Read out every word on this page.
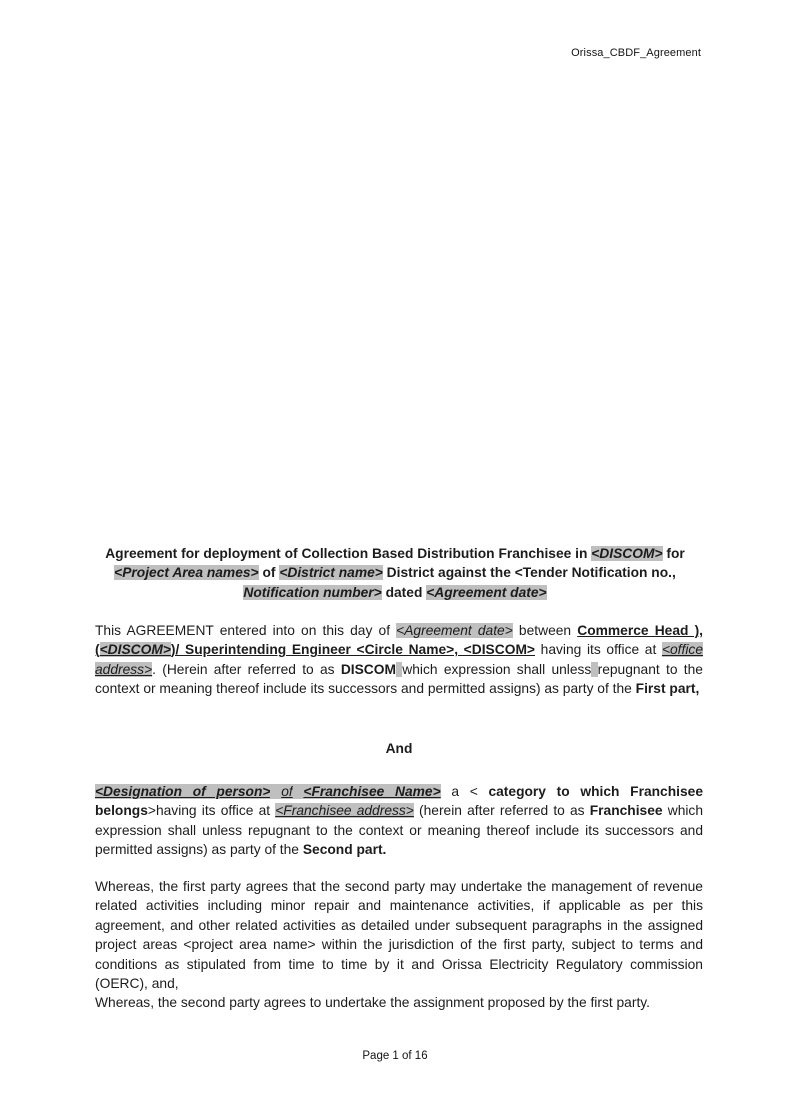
Orissa_CBDF_Agreement
Agreement for deployment of Collection Based Distribution Franchisee in <DISCOM> for <Project Area names> of <District name> District against the <Tender Notification no., Notification number> dated <Agreement date>
This AGREEMENT entered into on this day of <Agreement date> between Commerce Head ), (<DISCOM>)/ Superintending Engineer <Circle Name>, <DISCOM> having its office at <office address>. (Herein after referred to as DISCOM which expression shall unless repugnant to the context or meaning thereof include its successors and permitted assigns) as party of the First part,
And
<Designation of person> of <Franchisee Name> a < category to which Franchisee belongs>having its office at <Franchisee address> (herein after referred to as Franchisee which expression shall unless repugnant to the context or meaning thereof include its successors and permitted assigns) as party of the Second part.
Whereas, the first party agrees that the second party may undertake the management of revenue related activities including minor repair and maintenance activities, if applicable as per this agreement, and other related activities as detailed under subsequent paragraphs in the assigned project areas <project area name> within the jurisdiction of the first party, subject to terms and conditions as stipulated from time to time by it and Orissa Electricity Regulatory commission (OERC), and,
Whereas, the second party agrees to undertake the assignment proposed by the first party.
Page 1 of 16
